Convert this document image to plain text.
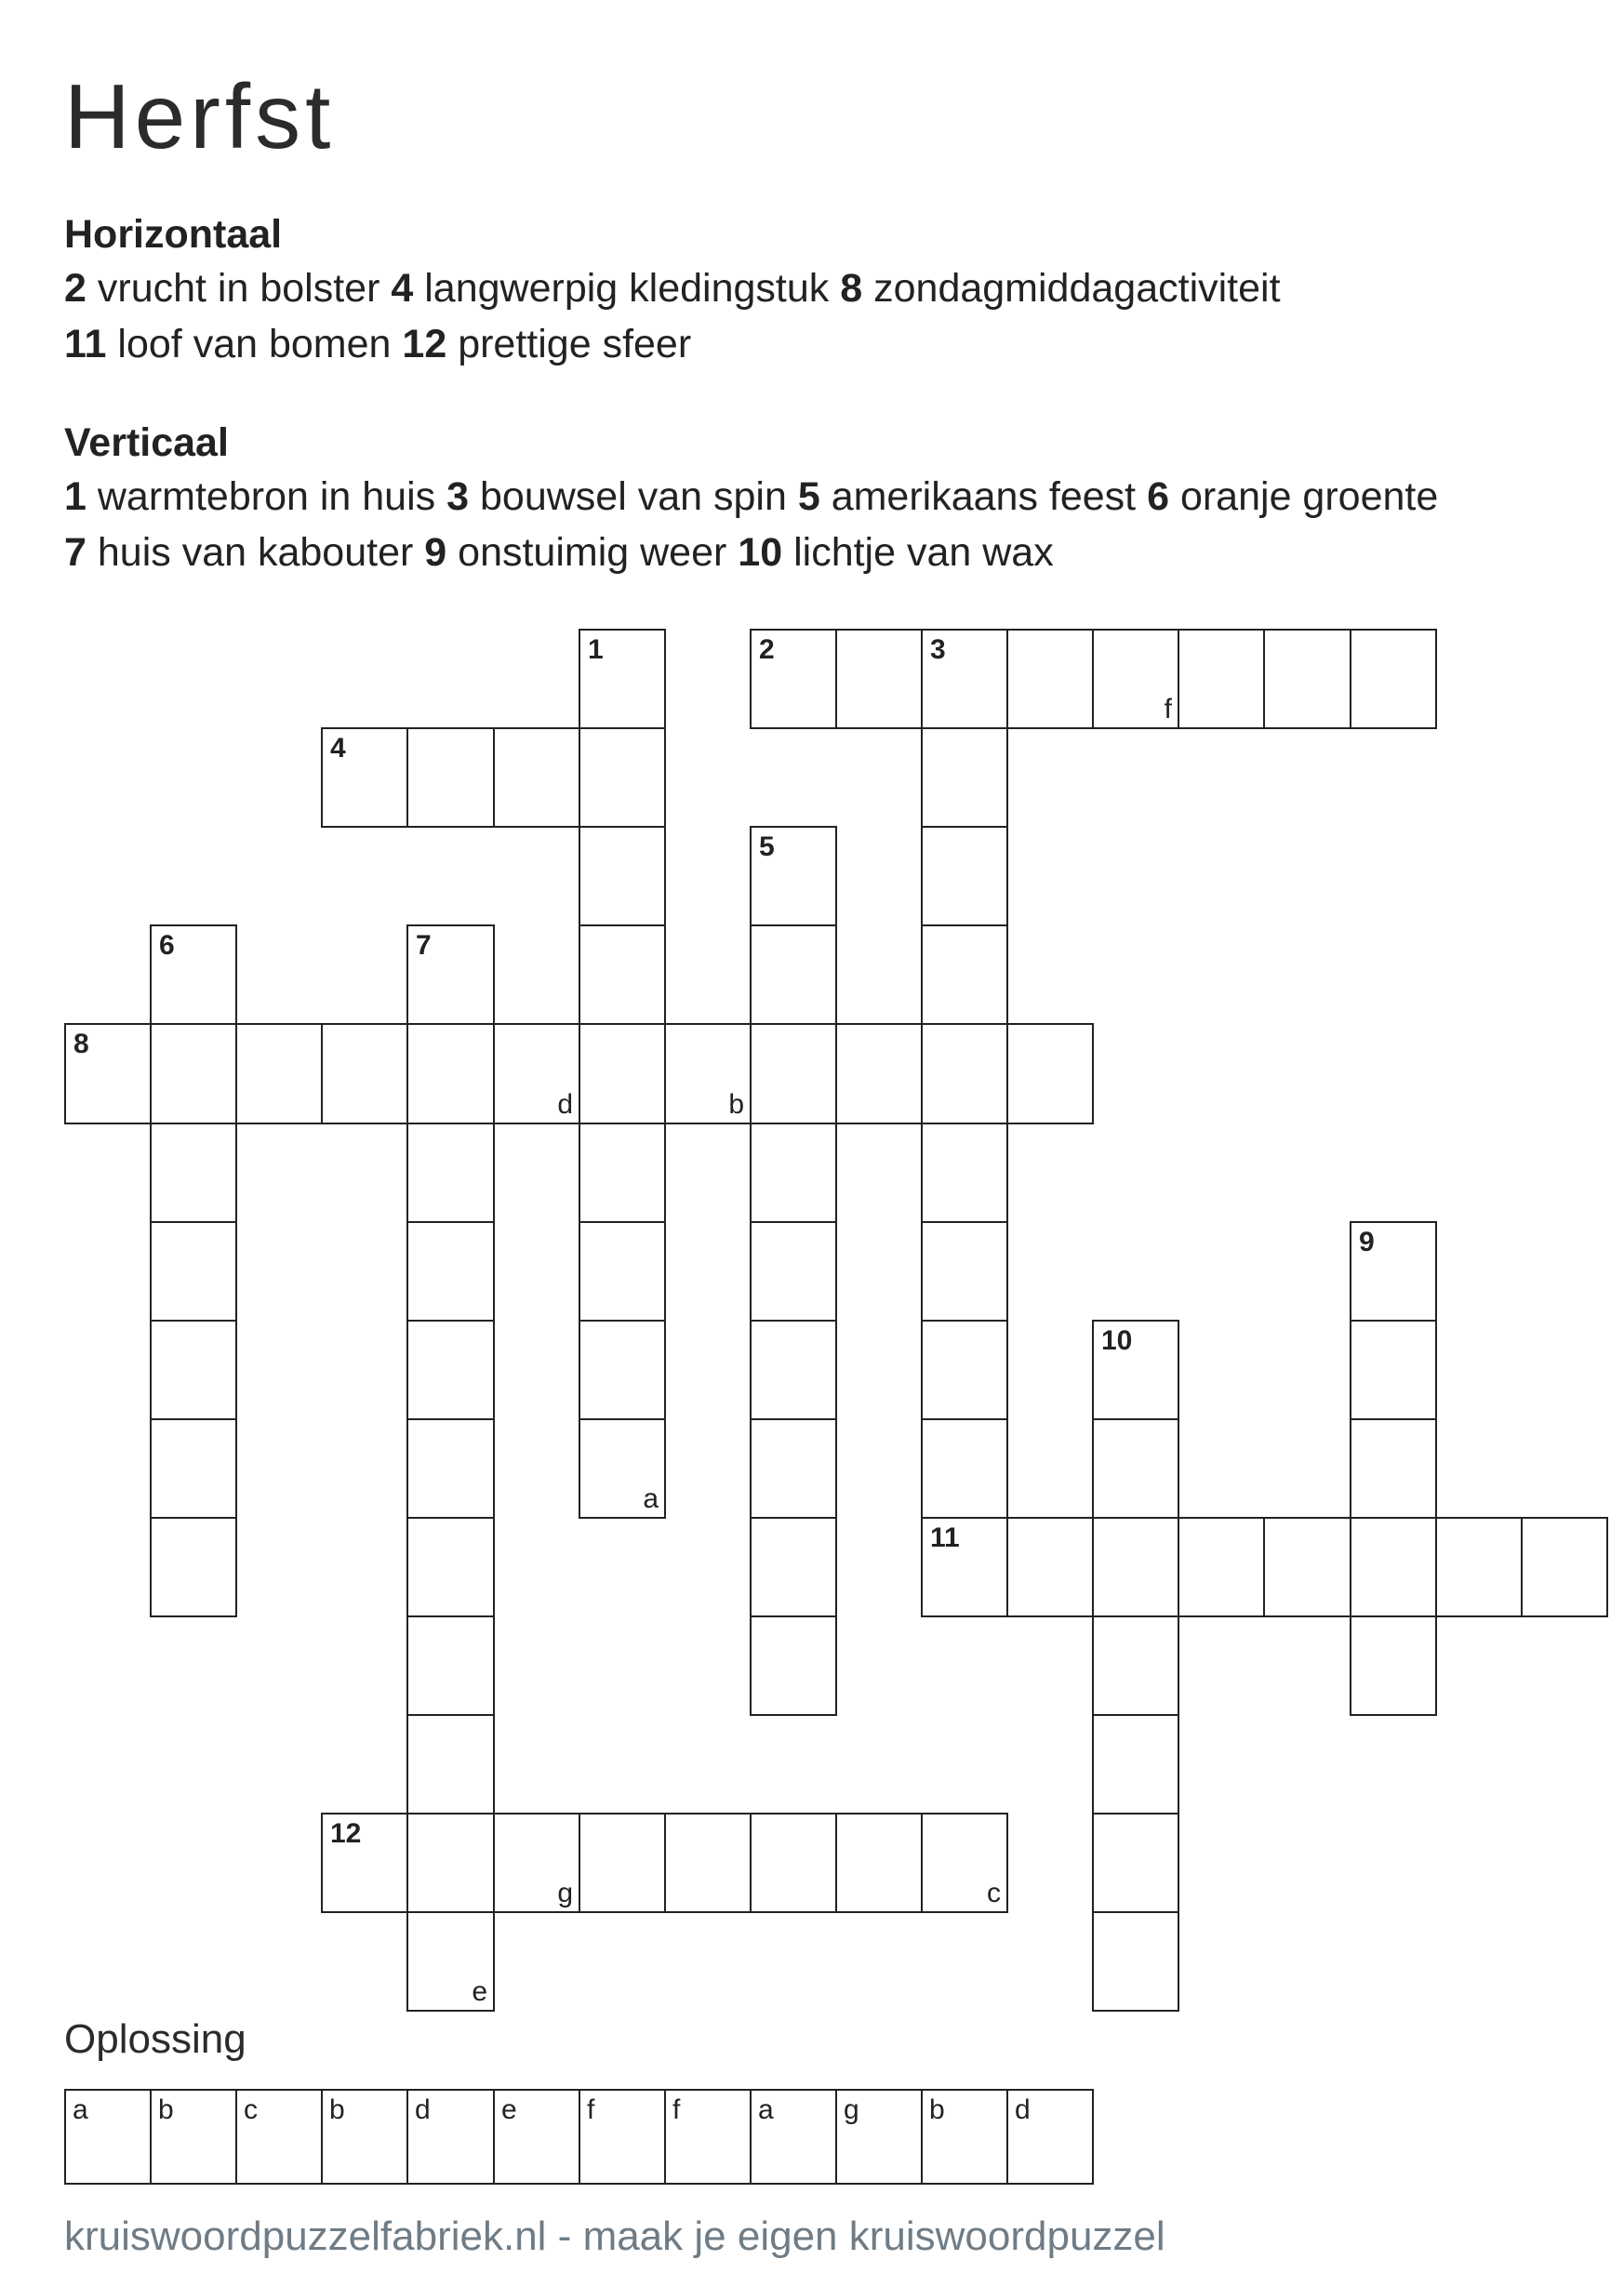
Herfst
Horizontaal
2 vrucht in bolster 4 langwerpig kledingstuk 8 zondagmiddagactiviteit
11 loof van bomen 12 prettige sfeer
Verticaal
1 warmtebron in huis 3 bouwsel van spin 5 amerikaans feest 6 oranje groente
7 huis van kabouter 9 onstuimig weer 10 lichtje van wax
2	3
f
4
8
d	b
11
12
g	c
1
a
5
6	7
e
9
10
Oplossing
a	b	c	b	d	e	f	f	a	g	b	d
kruiswoordpuzzelfabriek.nl - maak je eigen kruiswoordpuzzel
